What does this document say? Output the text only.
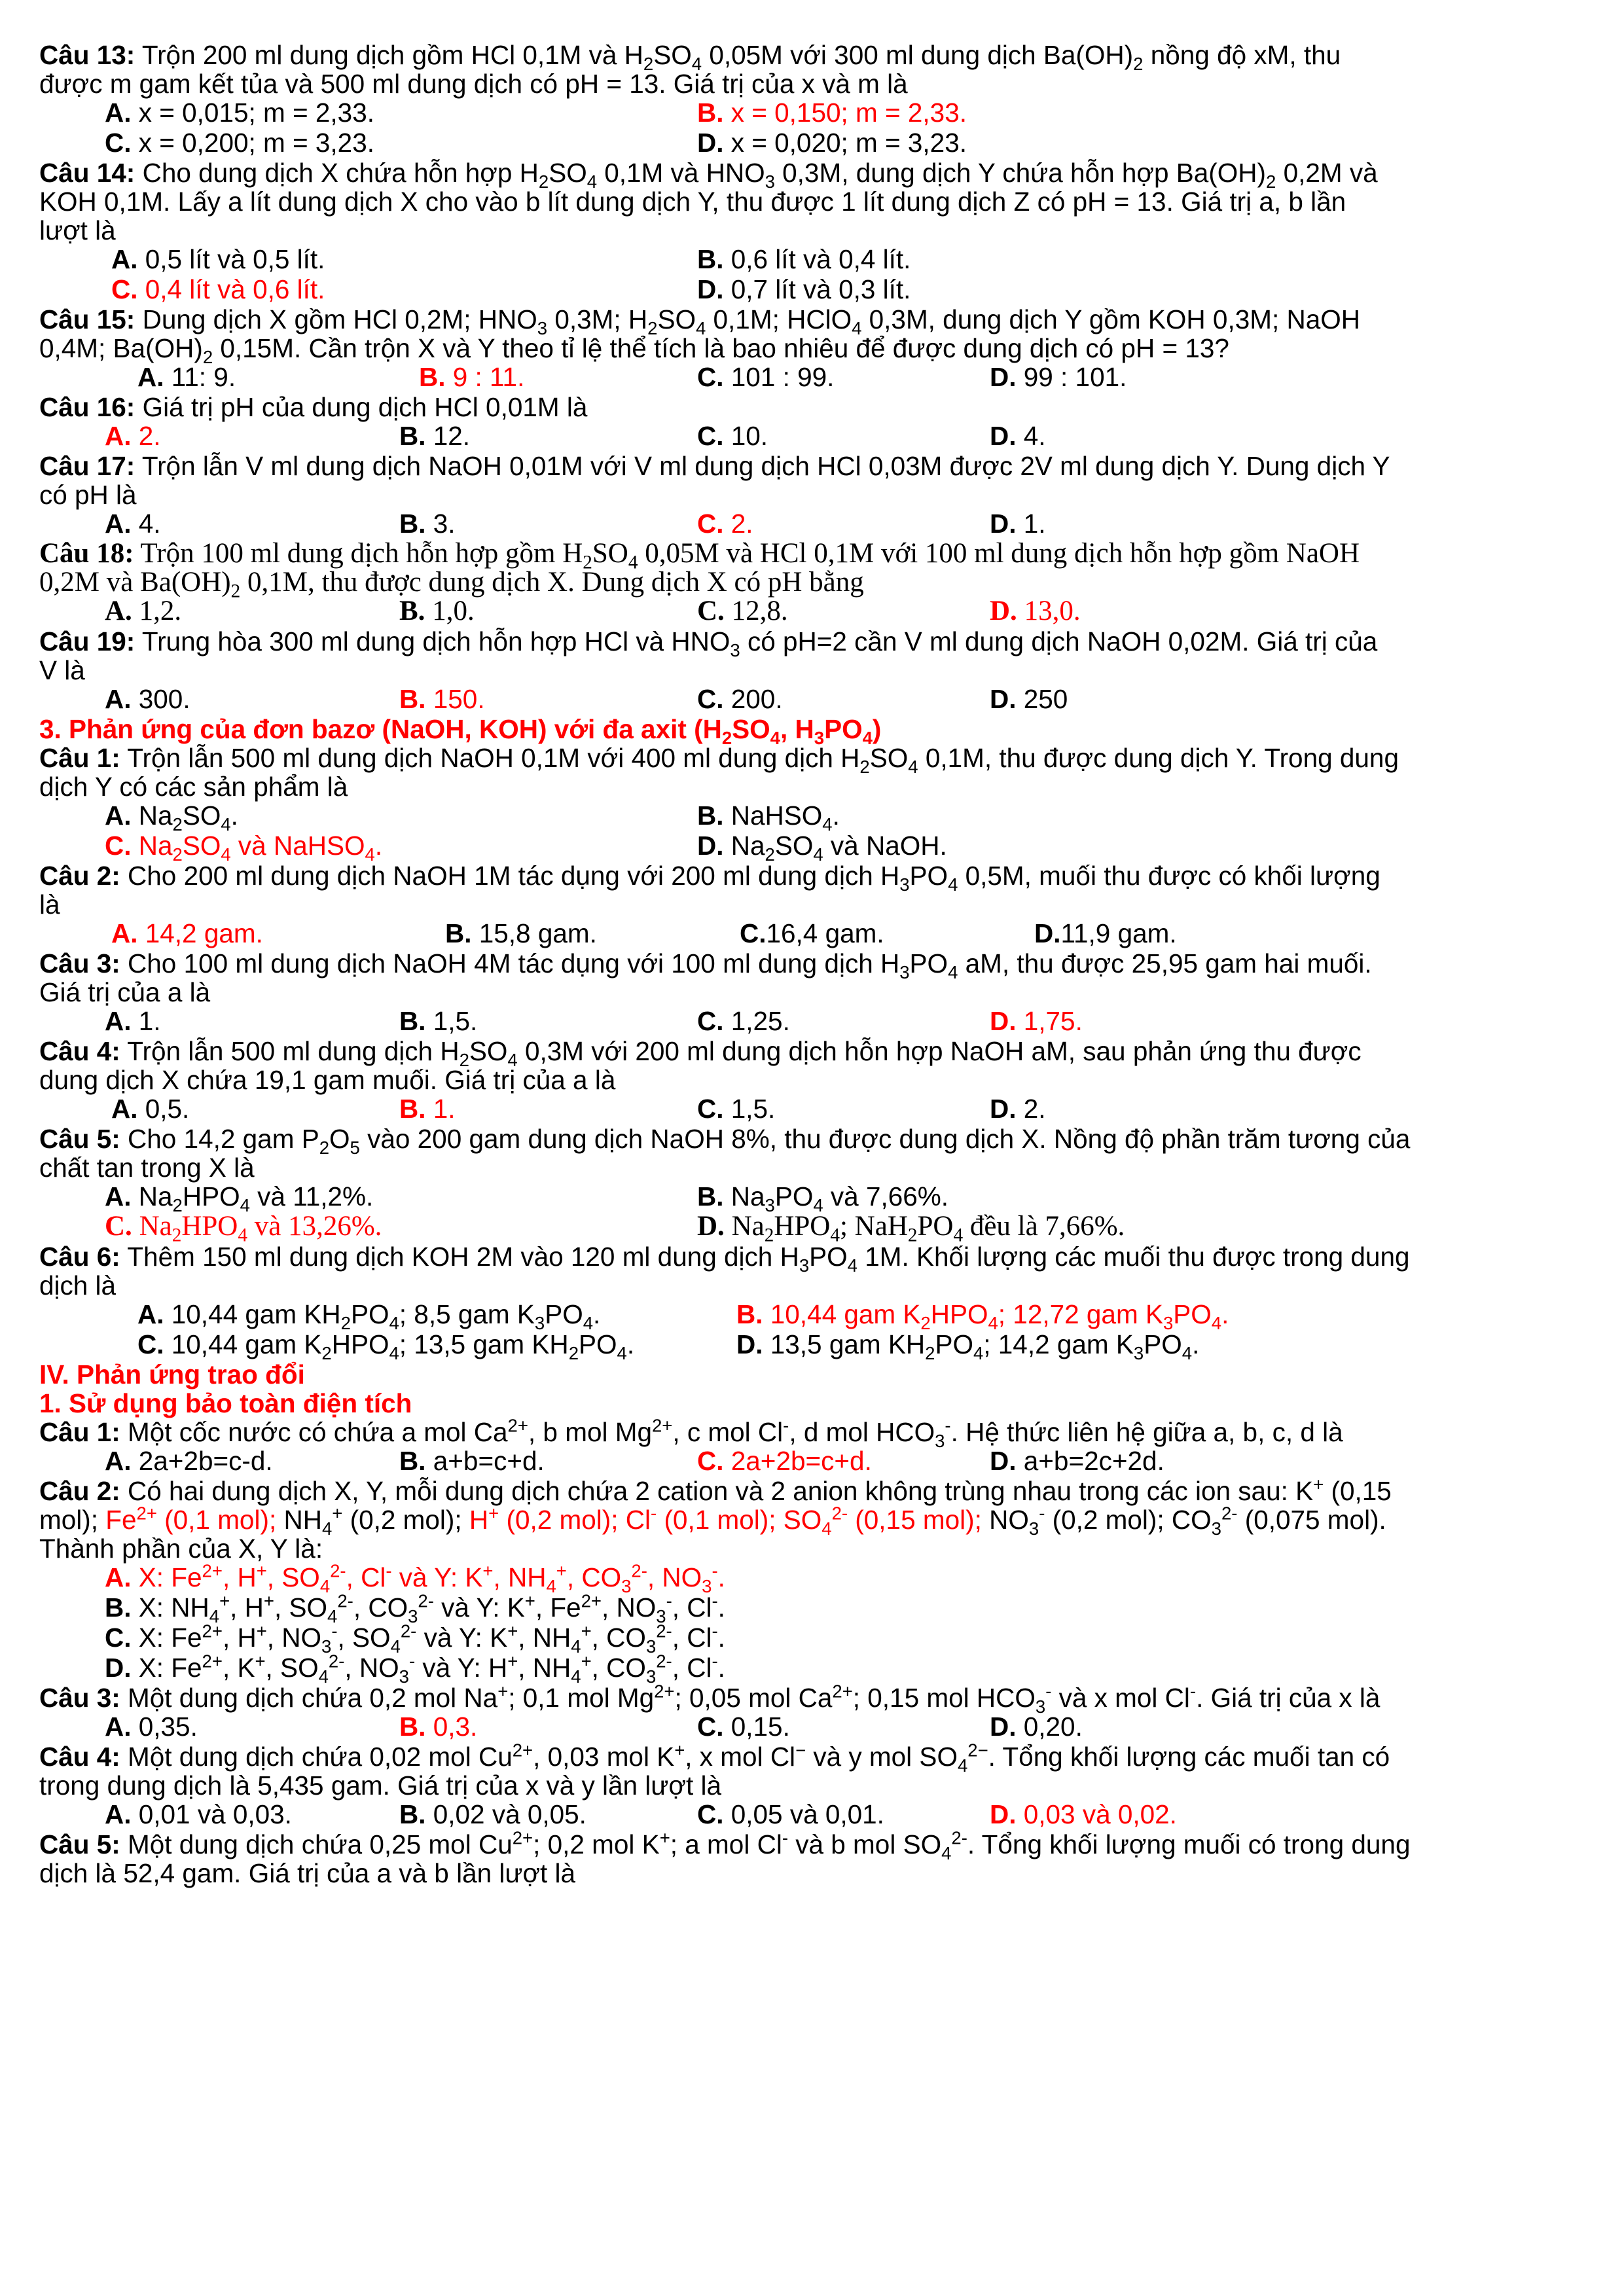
Câu 13: Trộn 200 ml dung dịch gồm HCl 0,1M và $H_2SO_4$ 0,05M với 300 ml dung dịch $Ba(OH)_2$ nồng độ xM, thu
được m gam kết tủa và 500 ml dung dịch có pH = 13. Giá trị của x và m là
A. x = 0,015; m = 2,33.	B. x = 0,150; m = 2,33.
C. x = 0,200; m = 3,23.	D. x = 0,020; m = 3,23.
Câu 14: Cho dung dịch X chứa hỗn hợp $H_2SO_4$ 0,1M và $HNO_3$ 0,3M, dung dịch Y chứa hỗn hợp $Ba(OH)_2$ 0,2M và
KOH 0,1M. Lấy a lít dung dịch X cho vào b lít dung dịch Y, thu được 1 lít dung dịch Z có pH = 13. Giá trị a, b lần
lượt là
A. 0,5 lít và 0,5 lít.	B. 0,6 lít và 0,4 lít.
C. 0,4 lít và 0,6 lít.	D. 0,7 lít và 0,3 lít.
Câu 15: Dung dịch X gồm HCl 0,2M; $HNO_3$ 0,3M; $H_2SO_4$ 0,1M; HClO$_4$ 0,3M, dung dịch Y gồm KOH 0,3M; NaOH
0,4M; $Ba(OH)_2$ 0,15M. Cần trộn X và Y theo tỉ lệ thể tích là bao nhiêu để được dung dịch có pH = 13?
A. 11: 9.	B. 9 : 11.	C. 101 : 99.	D. 99 : 101.
Câu 16: Giá trị pH của dung dịch HCl 0,01M là
A. 2.	B. 12.	C. 10.	D. 4.
Câu 17: Trộn lẫn V ml dung dịch NaOH 0,01M với V ml dung dịch HCl 0,03M được 2V ml dung dịch Y. Dung dịch Y
có pH là
A. 4.	B. 3.	C. 2.	D. 1.
Câu 18: Trộn 100 ml dung dịch hỗn hợp gồm $H_2SO_4$ 0,05M và HCl 0,1M với 100 ml dung dịch hỗn hợp gồm NaOH
0,2M và $Ba(OH)_2$ 0,1M, thu được dung dịch X. Dung dịch X có pH bằng
A. 1,2.	B. 1,0.	C. 12,8.	D. 13,0.
Câu 19: Trung hòa 300 ml dung dịch hỗn hợp HCl và $HNO_3$ có pH=2 cần V ml dung dịch NaOH 0,02M. Giá trị của
V là
A. 300.	B. 150.	C. 200.	D. 250
3. Phản ứng của đơn bazơ (NaOH, KOH) với đa axit ($H_2SO_4$, $H_3PO_4$)
Câu 1: Trộn lẫn 500 ml dung dịch NaOH 0,1M với 400 ml dung dịch $H_2SO_4$ 0,1M, thu được dung dịch Y. Trong dung
dịch Y có các sản phẩm là
A. $Na_2SO_4$.	B. NaHSO$_4$.
C. $Na_2SO_4$ và NaHSO$_4$.	D. $Na_2SO_4$ và NaOH.
Câu 2: Cho 200 ml dung dịch NaOH 1M tác dụng với 200 ml dung dịch $H_3PO_4$ 0,5M, muối thu được có khối lượng
là
A. 14,2 gam.	B. 15,8 gam.	C.16,4 gam.	D.11,9 gam.
Câu 3: Cho 100 ml dung dịch NaOH 4M tác dụng với 100 ml dung dịch $H_3PO_4$ aM, thu được 25,95 gam hai muối.
Giá trị của a là
A. 1.	B. 1,5.	C. 1,25.	D. 1,75.
Câu 4: Trộn lẫn 500 ml dung dịch $H_2SO_4$ 0,3M với 200 ml dung dịch hỗn hợp NaOH aM, sau phản ứng thu được
dung dịch X chứa 19,1 gam muối. Giá trị của a là
A. 0,5.	B. 1.	C. 1,5.	D. 2.
Câu 5: Cho 14,2 gam $P_2O_5$ vào 200 gam dung dịch NaOH 8%, thu được dung dịch X. Nồng độ phần trăm tương của
chất tan trong X là
A. $Na_2HPO_4$ và 11,2%.	B. $Na_3PO_4$ và 7,66%.
C. $Na_2HPO_4$ và 13,26%.	D. $Na_2HPO_4$; $NaH_2PO_4$ đều là 7,66%.
Câu 6: Thêm 150 ml dung dịch KOH 2M vào 120 ml dung dịch $H_3PO_4$ 1M. Khối lượng các muối thu được trong dung
dịch là
A. 10,44 gam $KH_2PO_4$; 8,5 gam $K_3PO_4$.	B. 10,44 gam $K_2HPO_4$; 12,72 gam $K_3PO_4$.
C. 10,44 gam $K_2HPO_4$; 13,5 gam $KH_2PO_4$.	D. 13,5 gam $KH_2PO_4$; 14,2 gam $K_3PO_4$.
IV. Phản ứng trao đổi
1. Sử dụng bảo toàn điện tích
Câu 1: Một cốc nước có chứa a mol $Ca^{2+}$, b mol $Mg^{2+}$, c mol Cl-, d mol $HCO_3^-$. Hệ thức liên hệ giữa a, b, c, d là
A. 2a+2b=c-d.	B. a+b=c+d.	C. 2a+2b=c+d.	D. a+b=2c+2d.
Câu 2: Có hai dung dịch X, Y, mỗi dung dịch chứa 2 cation và 2 anion không trùng nhau trong các ion sau: K+ (0,15
mol); $Fe^{2+}$ (0,1 mol); $NH_4^+$ (0,2 mol); H+ (0,2 mol); Cl- (0,1 mol); $SO_4^{2-}$ (0,15 mol); $NO_3^-$ (0,2 mol); $CO_3^{2-}$ (0,075 mol).
Thành phần của X, Y là:
A. X: $Fe^{2+}$, H+, $SO_4^{2-}$, Cl- và Y: K+, $NH_4^+$, $CO_3^{2-}$, $NO_3^-$.
B. X: $NH_4^+$, H+, $SO_4^{2-}$, $CO_3^{2-}$ và Y: K+, $Fe^{2+}$, $NO_3^-$, Cl-.
C. X: $Fe^{2+}$, H+, $NO_3^-$, $SO_4^{2-}$ và Y: K+, $NH_4^+$, $CO_3^{2-}$, Cl-.
D. X: $Fe^{2+}$, K+, $SO_4^{2-}$, $NO_3^-$ và Y: H+, $NH_4^+$, $CO_3^{2-}$, Cl-.
Câu 3: Một dung dịch chứa 0,2 mol Na+; 0,1 mol $Mg^{2+}$; 0,05 mol $Ca^{2+}$; 0,15 mol $HCO_3^-$ và x mol Cl-. Giá trị của x là
A. 0,35.	B. 0,3.	C. 0,15.	D. 0,20.
Câu 4: Một dung dịch chứa 0,02 mol $Cu^{2+}$, 0,03 mol K+, x mol Cl− và y mol $SO_4^{2-}$. Tổng khối lượng các muối tan có
trong dung dịch là 5,435 gam. Giá trị của x và y lần lượt là
A. 0,01 và 0,03.	B. 0,02 và 0,05.	C. 0,05 và 0,01.	D. 0,03 và 0,02.
Câu 5: Một dung dịch chứa 0,25 mol $Cu^{2+}$; 0,2 mol K+; a mol Cl- và b mol $SO_4^{2-}$. Tổng khối lượng muối có trong dung
dịch là 52,4 gam. Giá trị của a và b lần lượt là
